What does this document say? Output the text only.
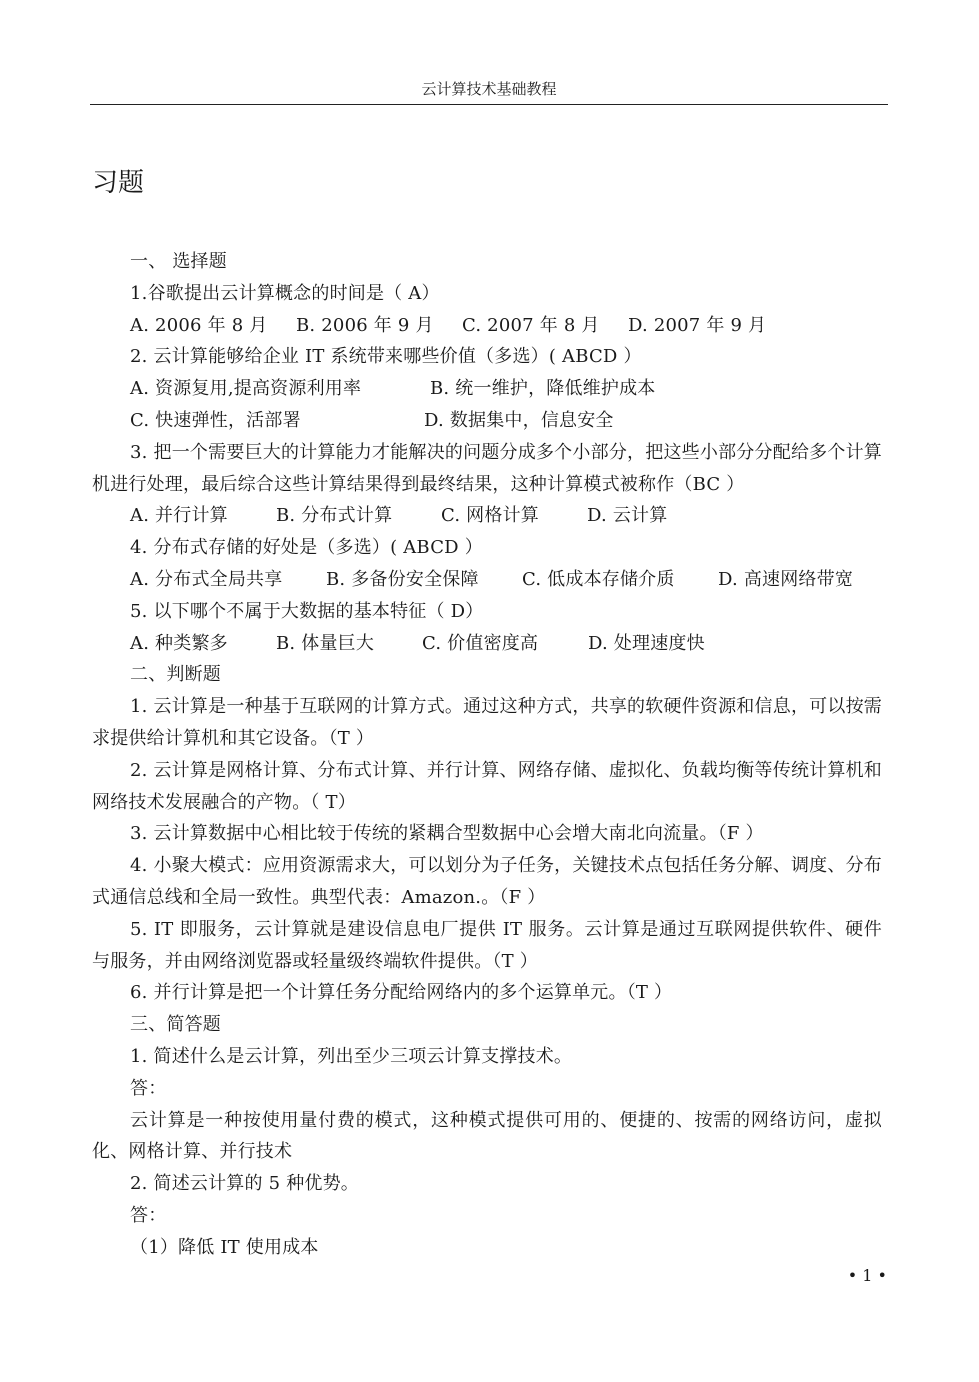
云计算技术基础教程
习题
一、 选择题
1.谷歌提出云计算概念的时间是（ A）
A. 2006 年 8 月	B. 2006 年 9 月	C. 2007 年 8 月	D. 2007 年 9 月
2. 云计算能够给企业 IT 系统带来哪些价值（多选）( ABCD ）
A. 资源复用,提高资源利用率	B. 统一维护，降低维护成本
C. 快速弹性，活部署	D. 数据集中，信息安全
3. 把一个需要巨大的计算能力才能解决的问题分成多个小部分，把这些小部分分配给多个计算机进行处理，最后综合这些计算结果得到最终结果，这种计算模式被称作（BC ）
A. 并行计算	B. 分布式计算	C. 网格计算	D. 云计算
4. 分布式存储的好处是（多选）( ABCD ）
A. 分布式全局共享	B. 多备份安全保障	C. 低成本存储介质	D. 高速网络带宽
5. 以下哪个不属于大数据的基本特征（ D）
A. 种类繁多	B. 体量巨大	C. 价值密度高	D. 处理速度快
二、判断题
1. 云计算是一种基于互联网的计算方式。通过这种方式，共享的软硬件资源和信息，可以按需求提供给计算机和其它设备。（T ）
2. 云计算是网格计算、分布式计算、并行计算、网络存储、虚拟化、负载均衡等传统计算机和网络技术发展融合的产物。（ T）
3. 云计算数据中心相比较于传统的紧耦合型数据中心会增大南北向流量。（F ）
4. 小聚大模式：应用资源需求大，可以划分为子任务，关键技术点包括任务分解、调度、分布式通信总线和全局一致性。典型代表：Amazon.。（F ）
5. IT 即服务，云计算就是建设信息电厂提供 IT 服务。云计算是通过互联网提供软件、硬件与服务，并由网络浏览器或轻量级终端软件提供。（T ）
6. 并行计算是把一个计算任务分配给网络内的多个运算单元。（T ）
三、简答题
1. 简述什么是云计算，列出至少三项云计算支撑技术。
答：
云计算是一种按使用量付费的模式，这种模式提供可用的、便捷的、按需的网络访问，虚拟化、网格计算、并行技术
2. 简述云计算的 5 种优势。
答：
（1）降低 IT 使用成本
• 1 •
